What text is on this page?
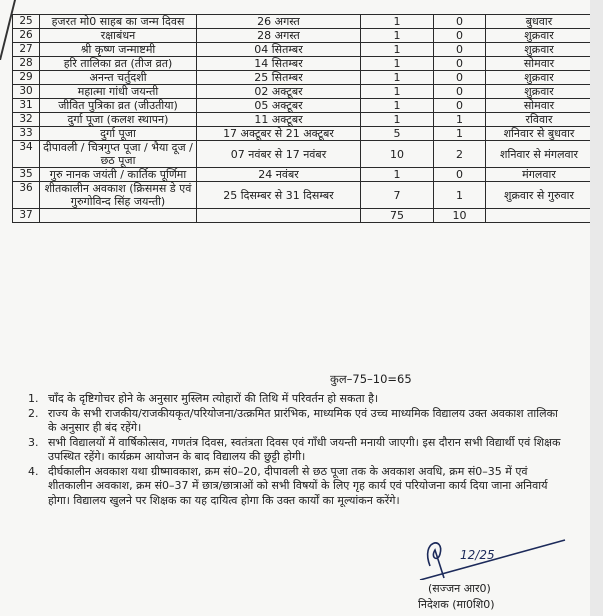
25	हजरत मो0 साहब का जन्म दिवस	26 अगस्त	1	0	बुधवार
26	रक्षाबंधन	28 अगस्त	1	0	शुक्रवार
27	श्री कृष्ण जन्माष्टमी	04 सितम्बर	1	0	शुक्रवार
28	हरि तालिका व्रत (तीज व्रत)	14 सितम्बर	1	0	सोमवार
29	अनन्त चर्तुदशी	25 सितम्बर	1	0	शुक्रवार
30	महात्मा गांधी जयन्ती	02 अक्टूबर	1	0	शुक्रवार
31	जीवित पुत्रिका व्रत (जीउतीया)	05 अक्टूबर	1	0	सोमवार
32	दुर्गा पूजा (कलश स्थापन)	11 अक्टूबर	1	1	रविवार
33	दुर्गा पूजा	17 अक्टूबर से 21 अक्टूबर	5	1	शनिवार से बुधवार
34	दीपावली / चित्रगुप्त पूजा / भैया दूज / छठ पूजा	07 नवंबर से 17 नवंबर	10	2	शनिवार से मंगलवार
35	गुरु नानक जयंती / कार्तिक पूर्णिमा	24 नवंबर	1	0	मंगलवार
36	शीतकालीन अवकाश (क्रिसमस डे एवं गुरुगोविन्द सिंह जयन्ती)	25 दिसम्बर से 31 दिसम्बर	7	1	शुक्रवार से गुरुवार
37			75	10	
कुल–75–10=65
1. चाँद के दृष्टिगोचर होने के अनुसार मुस्लिम त्योहारों की तिथि में परिवर्तन हो सकता है।
2. राज्य के सभी राजकीय/राजकीयकृत/परियोजना/उत्क्रमित प्रारंभिक, माध्यमिक एवं उच्च माध्यमिक विद्यालय उक्त अवकाश तालिका के अनुसार ही बंद रहेंगे।
3. सभी विद्यालयों में वार्षिकोत्सव, गणतंत्र दिवस, स्वतंत्रता दिवस एवं गाँधी जयन्ती मनायी जाएगी। इस दौरान सभी विद्यार्थी एवं शिक्षक उपस्थित रहेंगे। कार्यक्रम आयोजन के बाद विद्यालय की छुट्टी होगी।
4. दीर्घकालीन अवकाश यथा ग्रीष्मावकाश, क्रम सं0–20, दीपावली से छठ पूजा तक के अवकाश अवधि, क्रम सं0–35 में एवं शीतकालीन अवकाश, क्रम सं0–37 में छात्र/छात्राओं को सभी विषयों के लिए गृह कार्य एवं परियोजना कार्य दिया जाना अनिवार्य होगा। विद्यालय खुलने पर शिक्षक का यह दायित्व होगा कि उक्त कार्यों का मूल्यांकन करेंगे।
12/25
(सज्जन आर0)
निदेशक (मा0शि0)
